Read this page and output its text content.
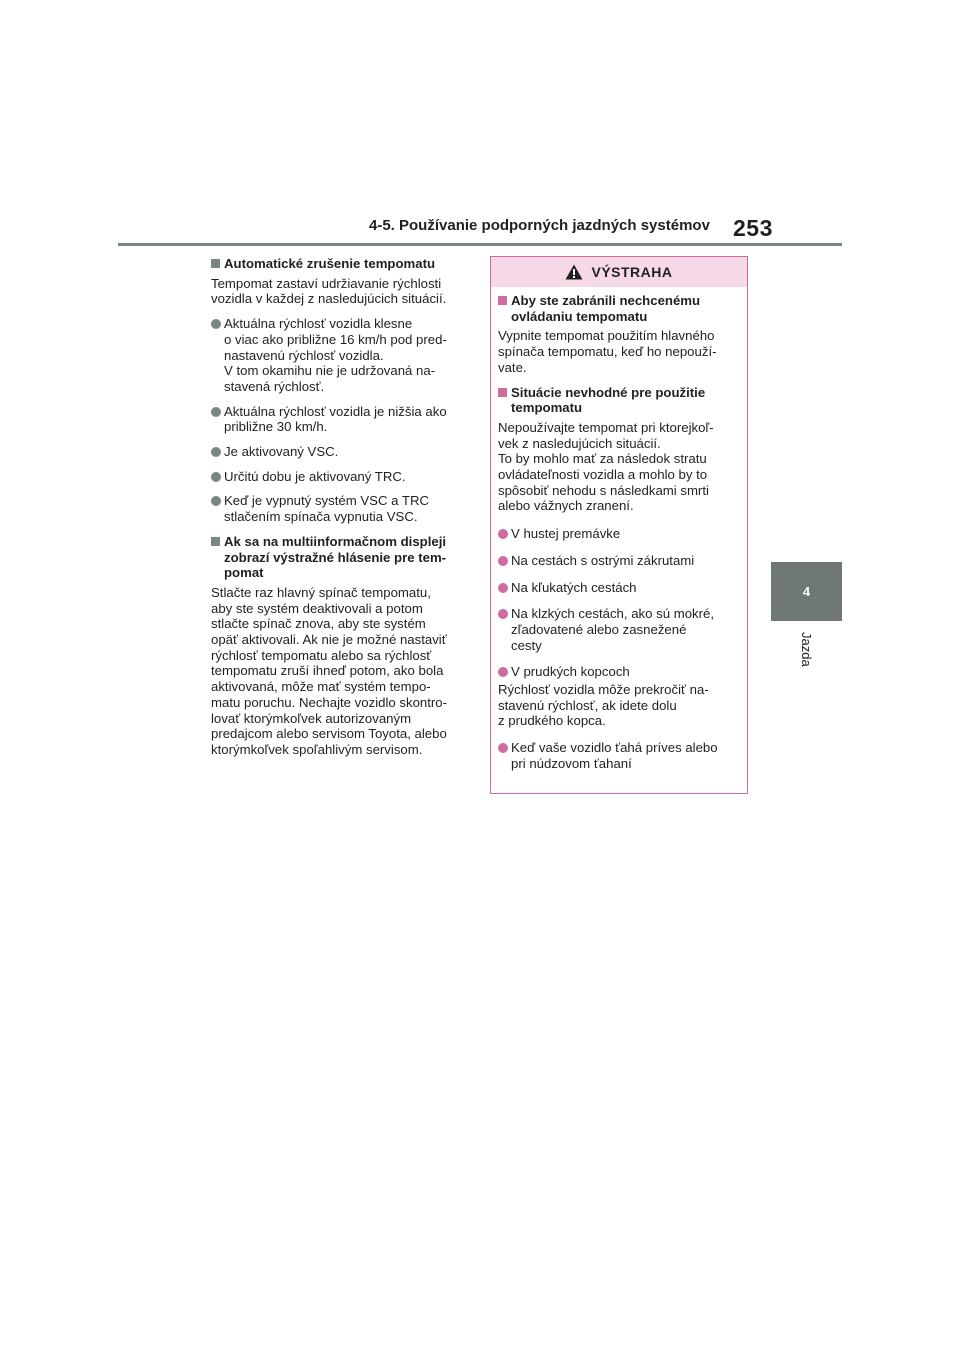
4-5. Používanie podporných jazdných systémov 253
4
Jazda

Automatické zrušenie tempomatu

Tempomat zastaví udržiavanie rýchlosti
vozidla v každej z nasledujúcich situácií.

Aktuálna rýchlosť vozidla klesne
o viac ako približne 16 km/h pod pred-
nastavenú rýchlosť vozidla.
V tom okamihu nie je udržovaná na-
stavená rýchlosť.

Aktuálna rýchlosť vozidla je nižšia ako
približne 30 km/h.

Je aktivovaný VSC.

Určitú dobu je aktivovaný TRC.

Keď je vypnutý systém VSC a TRC
stlačením spínača vypnutia VSC.

Ak sa na multiinformačnom displeji
zobrazí výstražné hlásenie pre tem-
pomat

Stlačte raz hlavný spínač tempomatu,
aby ste systém deaktivovali a potom
stlačte spínač znova, aby ste systém
opäť aktivovali. Ak nie je možné nastaviť
rýchlosť tempomatu alebo sa rýchlosť
tempomatu zruší ihneď potom, ako bola
aktivovaná, môže mať systém tempo-
matu poruchu. Nechajte vozidlo skontro-
lovať ktorýmkoľvek autorizovaným
predajcom alebo servisom Toyota, alebo
ktorýmkoľvek spoľahlivým servisom.

VÝSTRAHA

Aby ste zabránili nechcenému
ovládaniu tempomatu

Vypnite tempomat použitím hlavného
spínača tempomatu, keď ho nepouží-
vate.

Situácie nevhodné pre použitie
tempomatu

Nepoužívajte tempomat pri ktorejkoľ-
vek z nasledujúcich situácií.
To by mohlo mať za následok stratu
ovládateľnosti vozidla a mohlo by to
spôsobiť nehodu s následkami smrti
alebo vážnych zranení.

V hustej premávke

Na cestách s ostrými zákrutami

Na kľukatých cestách

Na klzkých cestách, ako sú mokré,
zľadovatené alebo zasnežené
cesty

V prudkých kopcoch

Rýchlosť vozidla môže prekročiť na-
stavenú rýchlosť, ak idete dolu
z prudkého kopca.

Keď vaše vozidlo ťahá príves alebo
pri núdzovom ťahaní
